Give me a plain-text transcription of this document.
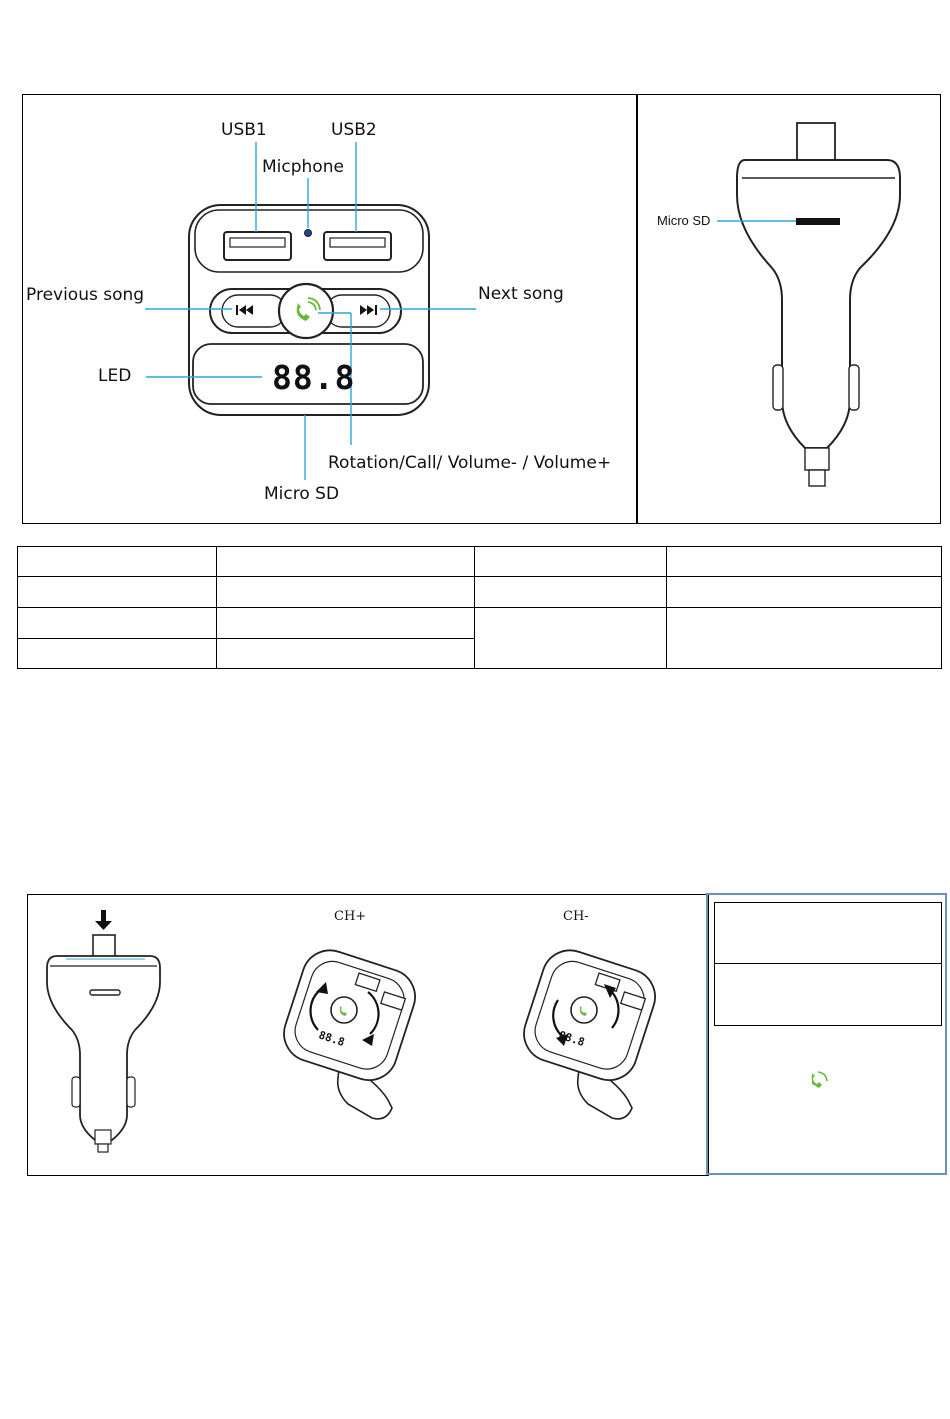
USB1	USB2
Micphone
Previous song	Next song
LED	88.8
Rotation/Call/ Volume- / Volume+
Micro SD
Micro SD

88.8	88.8
CH+	CH-
